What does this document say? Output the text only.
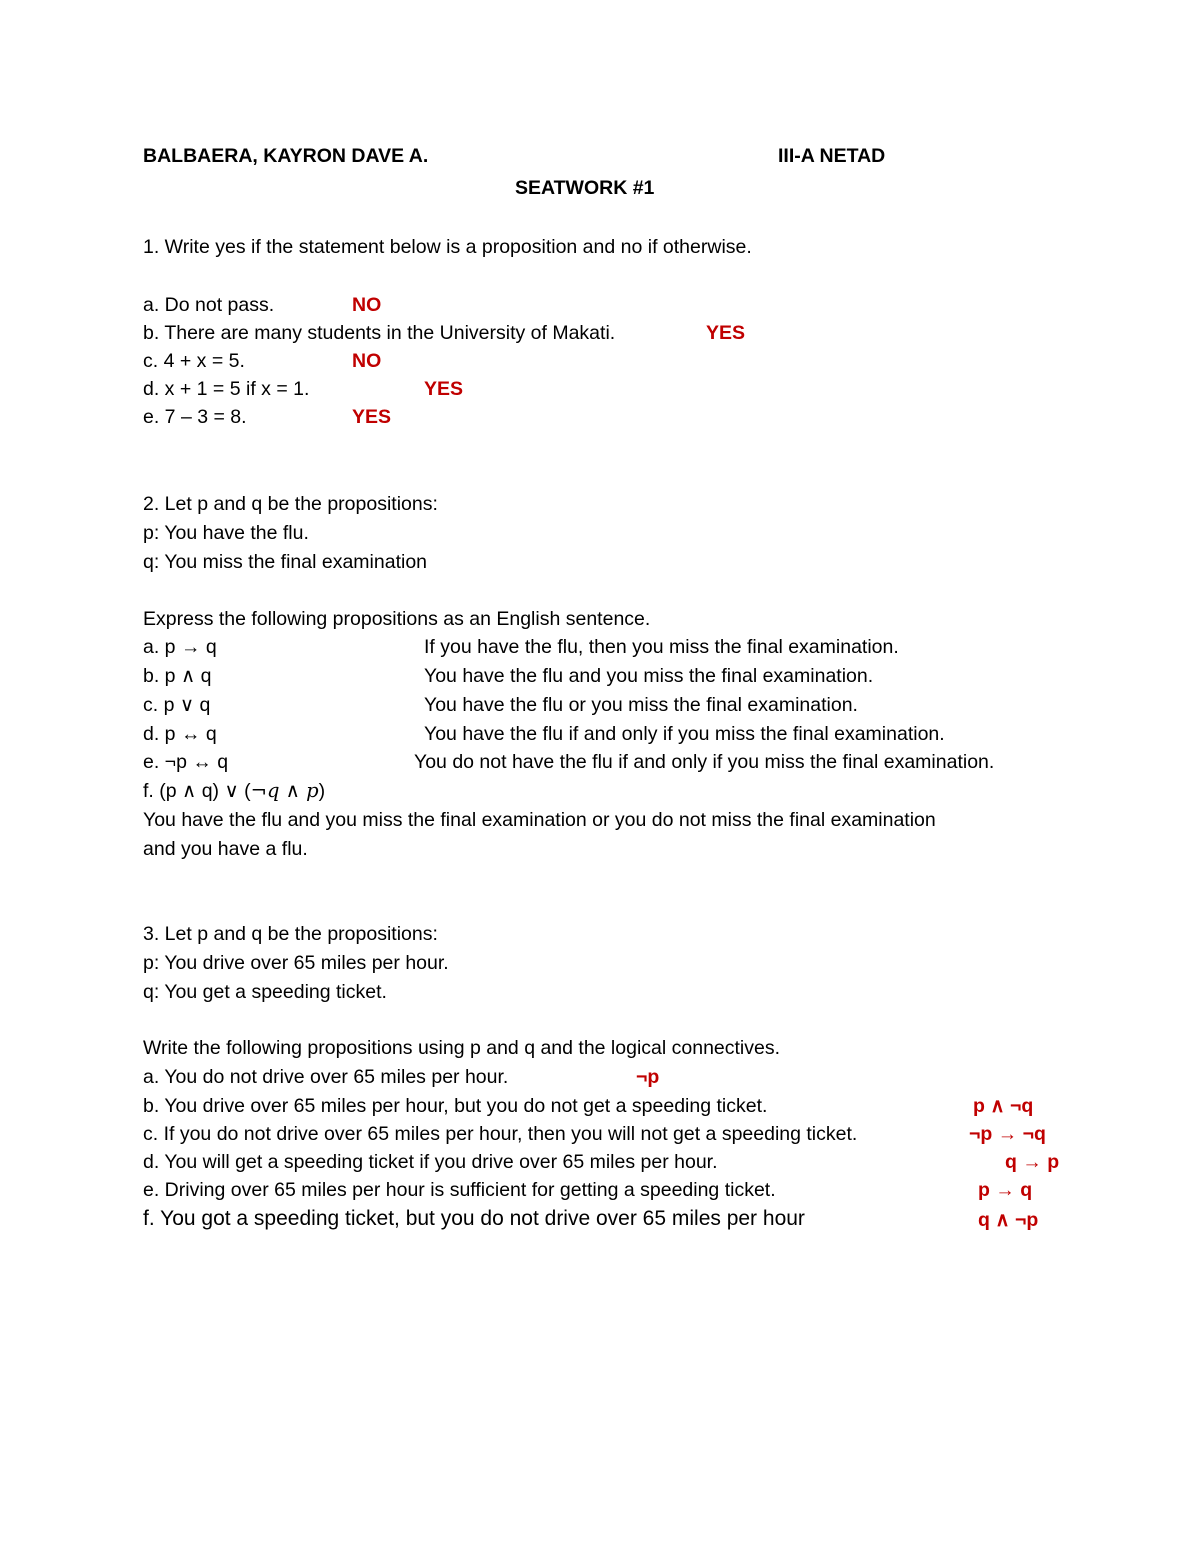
BALBAERA, KAYRON DAVE A.	III-A NETAD
SEATWORK #1
1. Write yes if the statement below is a proposition and no if otherwise.
a. Do not pass.	NO
b. There are many students in the University of Makati.	YES
c. 4 + x = 5.	NO
d. x + 1 = 5 if x = 1.	YES
e. 7 – 3 = 8.	YES
2. Let p and q be the propositions:
p: You have the flu.
q: You miss the final examination
Express the following propositions as an English sentence.
a. p → q	If you have the flu, then you miss the final examination.
b. p ∧ q	You have the flu and you miss the final examination.
c. p ∨ q	You have the flu or you miss the final examination.
d. p ↔ q	You have the flu if and only if you miss the final examination.
e. ¬p ↔ q	You do not have the flu if and only if you miss the final examination.
f. (p ∧ q) ∨ (¬q ∧ p)
You have the flu and you miss the final examination or you do not miss the final examination
and you have a flu.
3. Let p and q be the propositions:
p: You drive over 65 miles per hour.
q: You get a speeding ticket.
Write the following propositions using p and q and the logical connectives.
a. You do not drive over 65 miles per hour.	¬p
b. You drive over 65 miles per hour, but you do not get a speeding ticket.	p ∧ ¬q
c. If you do not drive over 65 miles per hour, then you will not get a speeding ticket.	¬p → ¬q
d. You will get a speeding ticket if you drive over 65 miles per hour.	q → p
e. Driving over 65 miles per hour is sufficient for getting a speeding ticket.	p → q
f. You got a speeding ticket, but you do not drive over 65 miles per hour	q ∧ ¬p
